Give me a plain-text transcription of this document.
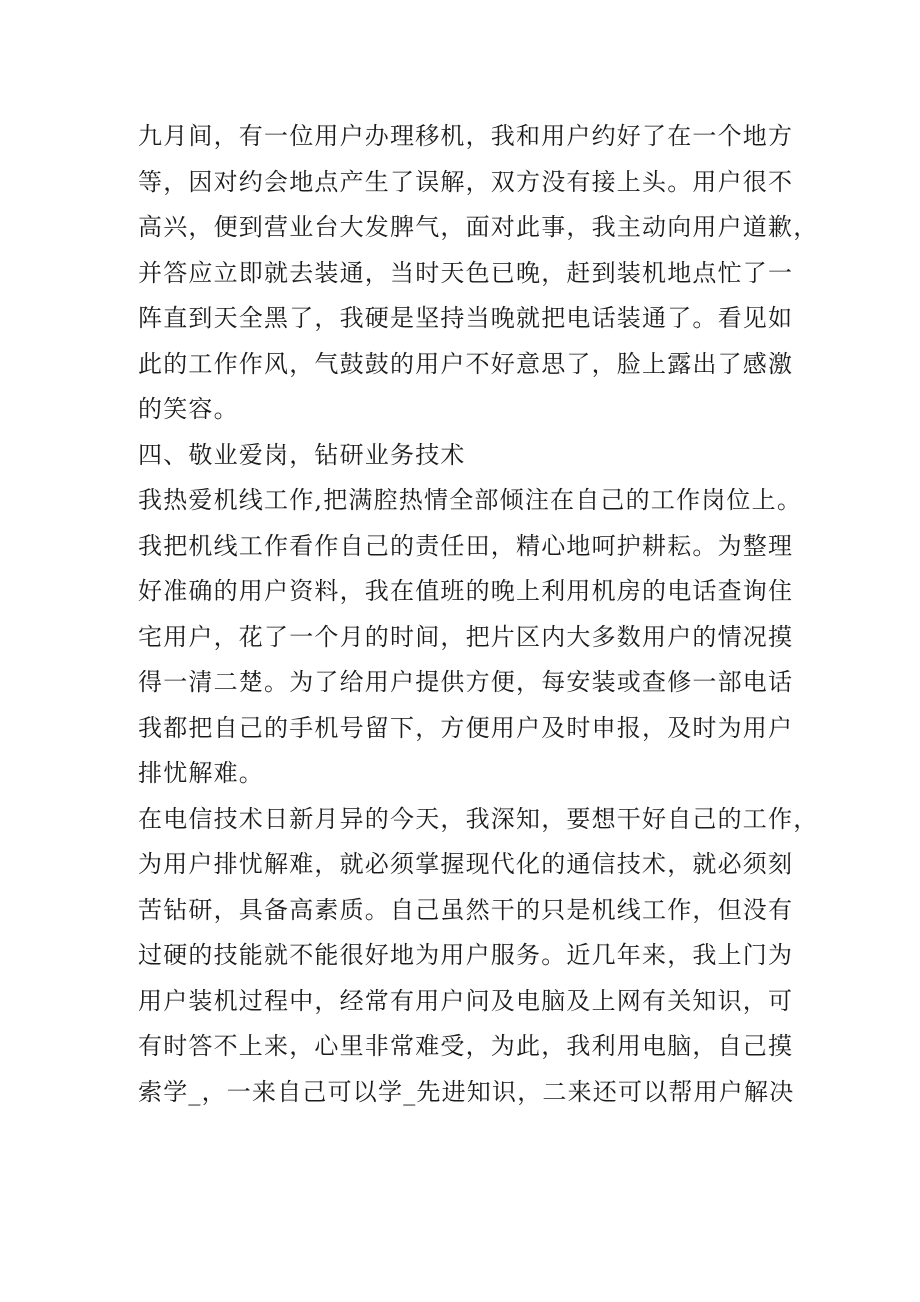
九月间，有一位用户办理移机，我和用户约好了在一个地方
等，因对约会地点产生了误解，双方没有接上头。用户很不
高兴，便到营业台大发脾气，面对此事，我主动向用户道歉，
并答应立即就去装通，当时天色已晚，赶到装机地点忙了一
阵直到天全黑了，我硬是坚持当晚就把电话装通了。看见如
此的工作作风，气鼓鼓的用户不好意思了，脸上露出了感激
的笑容。
四、敬业爱岗，钻研业务技术
我热爱机线工作,把满腔热情全部倾注在自己的工作岗位上。
我把机线工作看作自己的责任田，精心地呵护耕耘。为整理
好准确的用户资料，我在值班的晚上利用机房的电话查询住
宅用户，花了一个月的时间，把片区内大多数用户的情况摸
得一清二楚。为了给用户提供方便，每安装或查修一部电话
我都把自己的手机号留下，方便用户及时申报，及时为用户
排忧解难。
在电信技术日新月异的今天，我深知，要想干好自己的工作，
为用户排忧解难，就必须掌握现代化的通信技术，就必须刻
苦钻研，具备高素质。自己虽然干的只是机线工作，但没有
过硬的技能就不能很好地为用户服务。近几年来，我上门为
用户装机过程中，经常有用户问及电脑及上网有关知识，可
有时答不上来，心里非常难受，为此，我利用电脑，自己摸
索学_，一来自己可以学_先进知识，二来还可以帮用户解决
